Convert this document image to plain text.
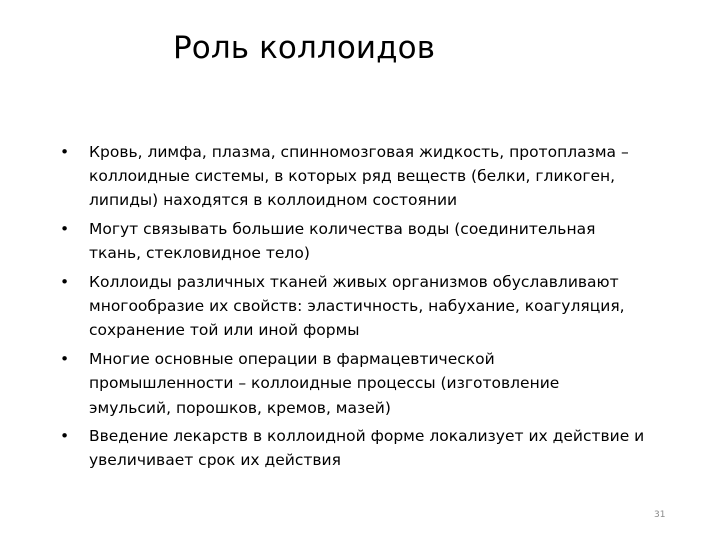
Роль коллоидов
• Кровь, лимфа, плазма, спинномозговая жидкость, протоплазма –
коллоидные системы, в которых ряд веществ (белки, гликоген,
липиды) находятся в коллоидном состоянии
• Могут связывать большие количества воды (соединительная
ткань, стекловидное тело)
• Коллоиды различных тканей живых организмов обуславливают
многообразие их свойств: эластичность, набухание, коагуляция,
сохранение той или иной формы
• Многие основные операции в фармацевтической
промышленности – коллоидные процессы (изготовление
эмульсий, порошков, кремов, мазей)
• Введение лекарств в коллоидной форме локализует их действие и
увеличивает срок их действия
31
